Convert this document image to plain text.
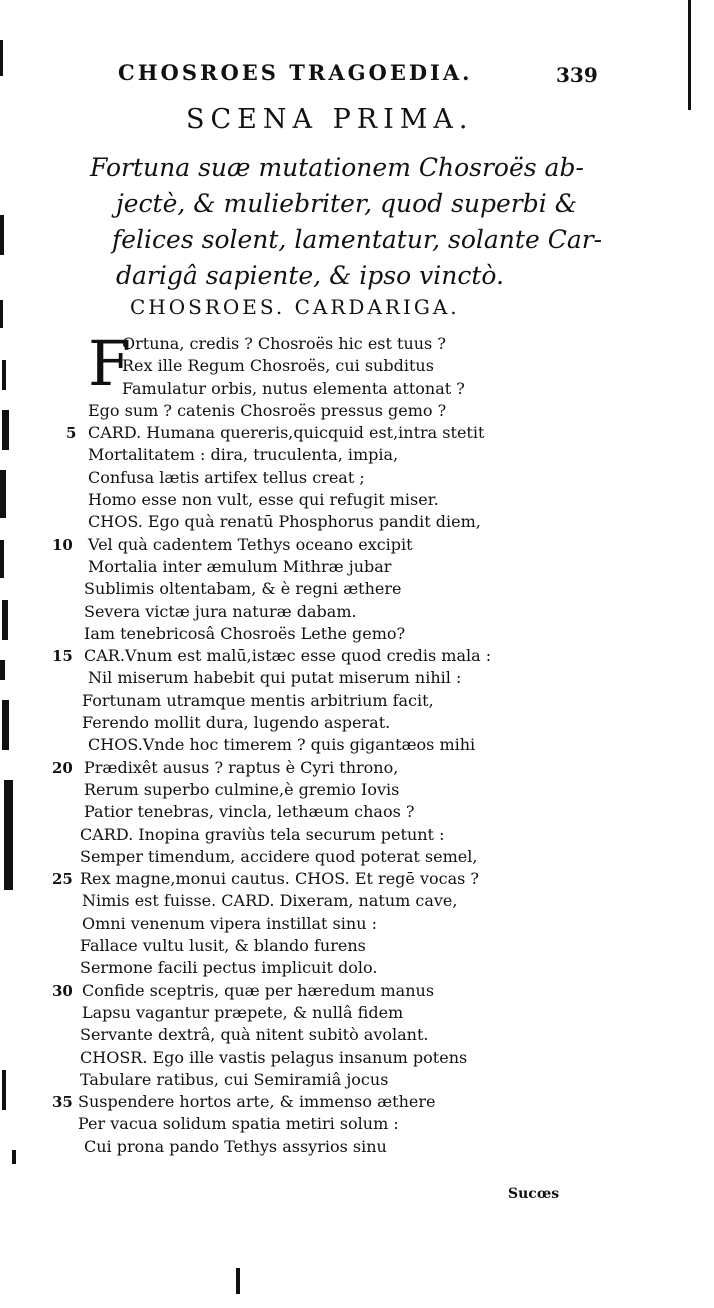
CHOSROES TRAGOEDIA.	339
SCENA PRIMA.
Fortuna suæ mutationem Chosroës ab-
jectè, & muliebriter, quod superbi &
felices solent, lamentatur, solante Car-
darigâ sapiente, & ipso vinctò.
CHOSROES. CARDARIGA.
F
Ortuna, credis ? Chosroës hic est tuus ?
Rex ille Regum Chosroës, cui subditus
Famulatur orbis, nutus elementa attonat ?
Ego sum ? catenis Chosroës pressus gemo ?
5 CARD. Humana quereris,quicquid est,intra stetit
Mortalitatem : dira, truculenta, impia,
Confusa lætis artifex tellus creat ;
Homo esse non vult, esse qui refugit miser.
CHOS. Ego quà renatū Phosphorus pandit diem,
10 Vel quà cadentem Tethys oceano excipit
Mortalia inter æmulum Mithræ jubar
Sublimis oltentabam, & è regni æthere
Severa victæ jura naturæ dabam.
Iam tenebricosâ Chosroës Lethe gemo?
15 CAR.Vnum est malū,istæc esse quod credis mala :
Nil miserum habebit qui putat miserum nihil :
Fortunam utramque mentis arbitrium facit,
Ferendo mollit dura, lugendo asperat.
CHOS.Vnde hoc timerem ? quis gigantæos mihi
20 Prædixêt ausus ? raptus è Cyri throno,
Rerum superbo culmine,è gremio Iovis
Patior tenebras, vincla, lethæum chaos ?
CARD. Inopina graviùs tela securum petunt :
Semper timendum, accidere quod poterat semel,
25 Rex magne,monui cautus. CHOS. Et regē vocas ?
Nimis est fuisse. CARD. Dixeram, natum cave,
Omni venenum vipera instillat sinu :
Fallace vultu lusit, & blando furens
Sermone facili pectus implicuit dolo.
30 Confide sceptris, quæ per hæredum manus
Lapsu vagantur præpete, & nullâ fidem
Servante dextrâ, quà nitent subitò avolant.
CHOSR. Ego ille vastis pelagus insanum potens
Tabulare ratibus, cui Semiramiâ jocus
35 Suspendere hortos arte, & immenso æthere
Per vacua solidum spatia metiri solum :
Cui prona pando Tethys assyrios sinu
Sucœs
